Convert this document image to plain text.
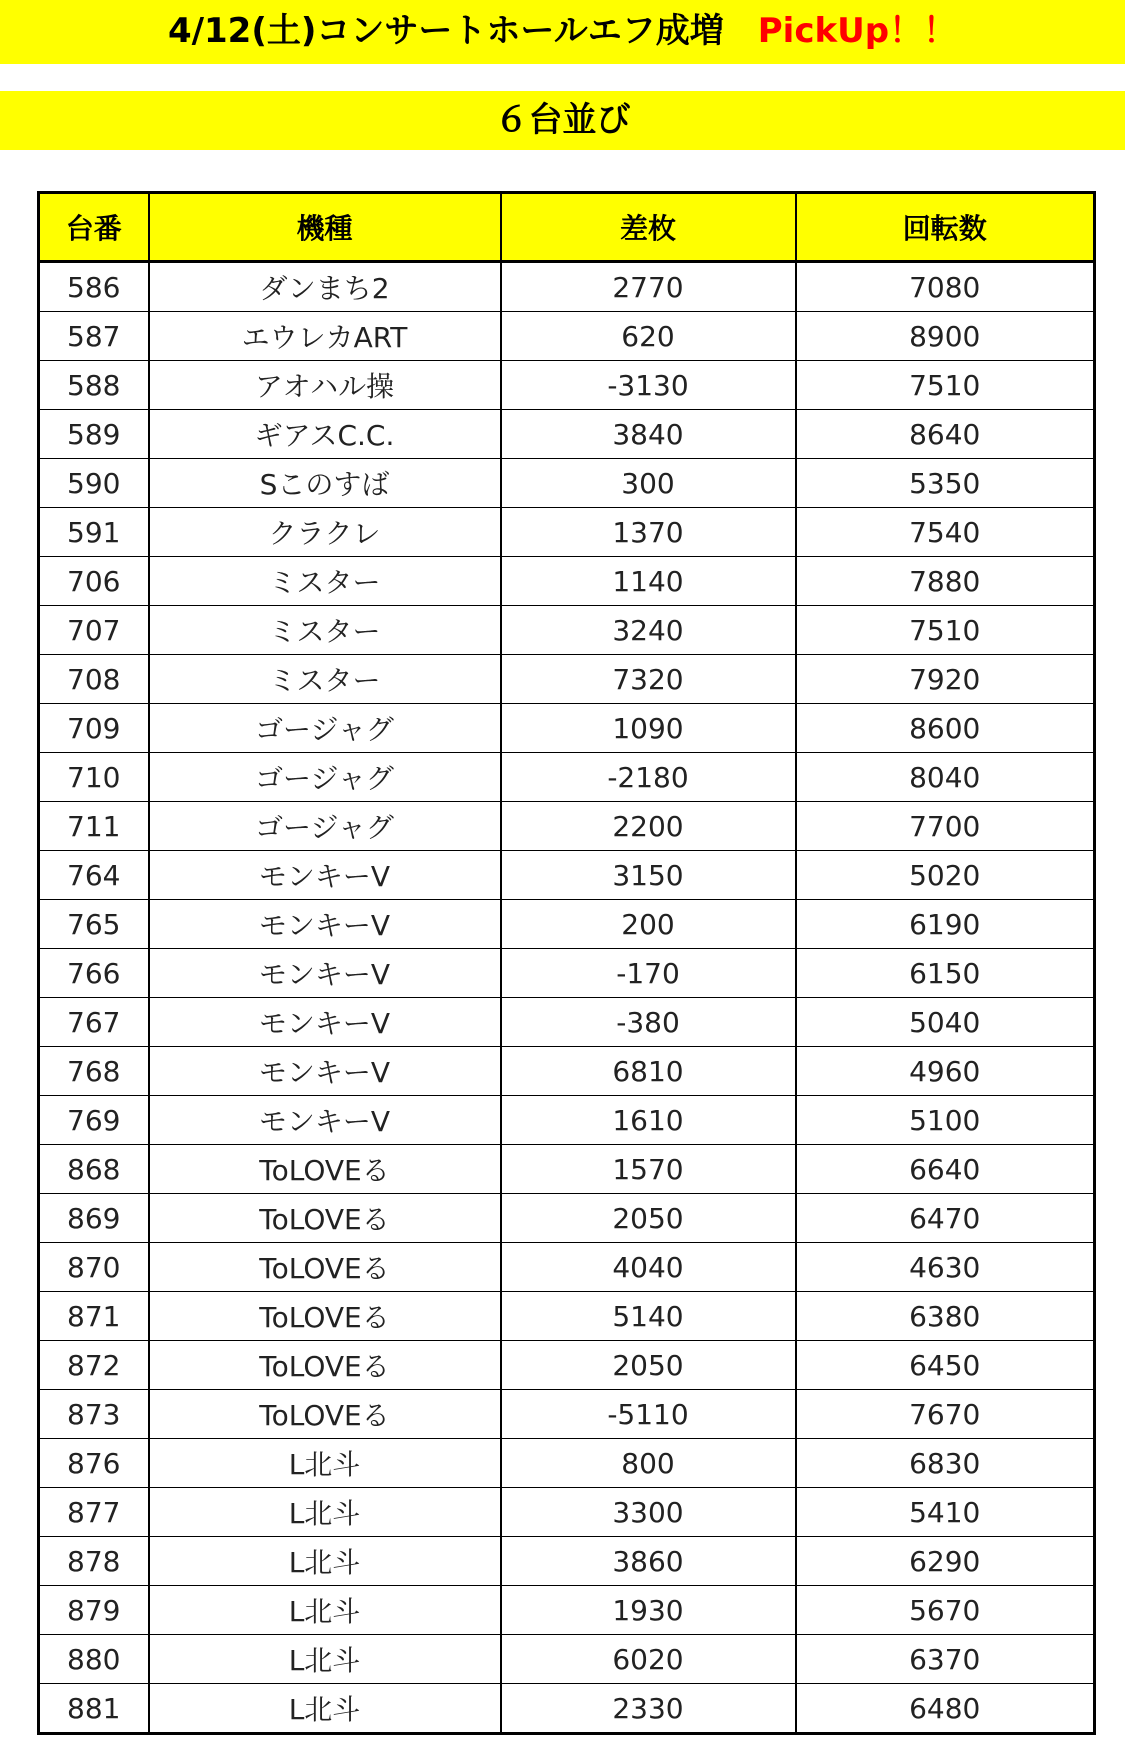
4/12(土)コンサートホールエフ成増 PickUp！！
６台並び
台番	機種	差枚	回転数
586	ダンまち2	2770	7080
587	エウレカART	620	8900
588	アオハル操	-3130	7510
589	ギアスC.C.	3840	8640
590	Sこのすば	300	5350
591	クラクレ	1370	7540
706	ミスター	1140	7880
707	ミスター	3240	7510
708	ミスター	7320	7920
709	ゴージャグ	1090	8600
710	ゴージャグ	-2180	8040
711	ゴージャグ	2200	7700
764	モンキーV	3150	5020
765	モンキーV	200	6190
766	モンキーV	-170	6150
767	モンキーV	-380	5040
768	モンキーV	6810	4960
769	モンキーV	1610	5100
868	ToLOVEる	1570	6640
869	ToLOVEる	2050	6470
870	ToLOVEる	4040	4630
871	ToLOVEる	5140	6380
872	ToLOVEる	2050	6450
873	ToLOVEる	-5110	7670
876	L北斗	800	6830
877	L北斗	3300	5410
878	L北斗	3860	6290
879	L北斗	1930	5670
880	L北斗	6020	6370
881	L北斗	2330	6480
